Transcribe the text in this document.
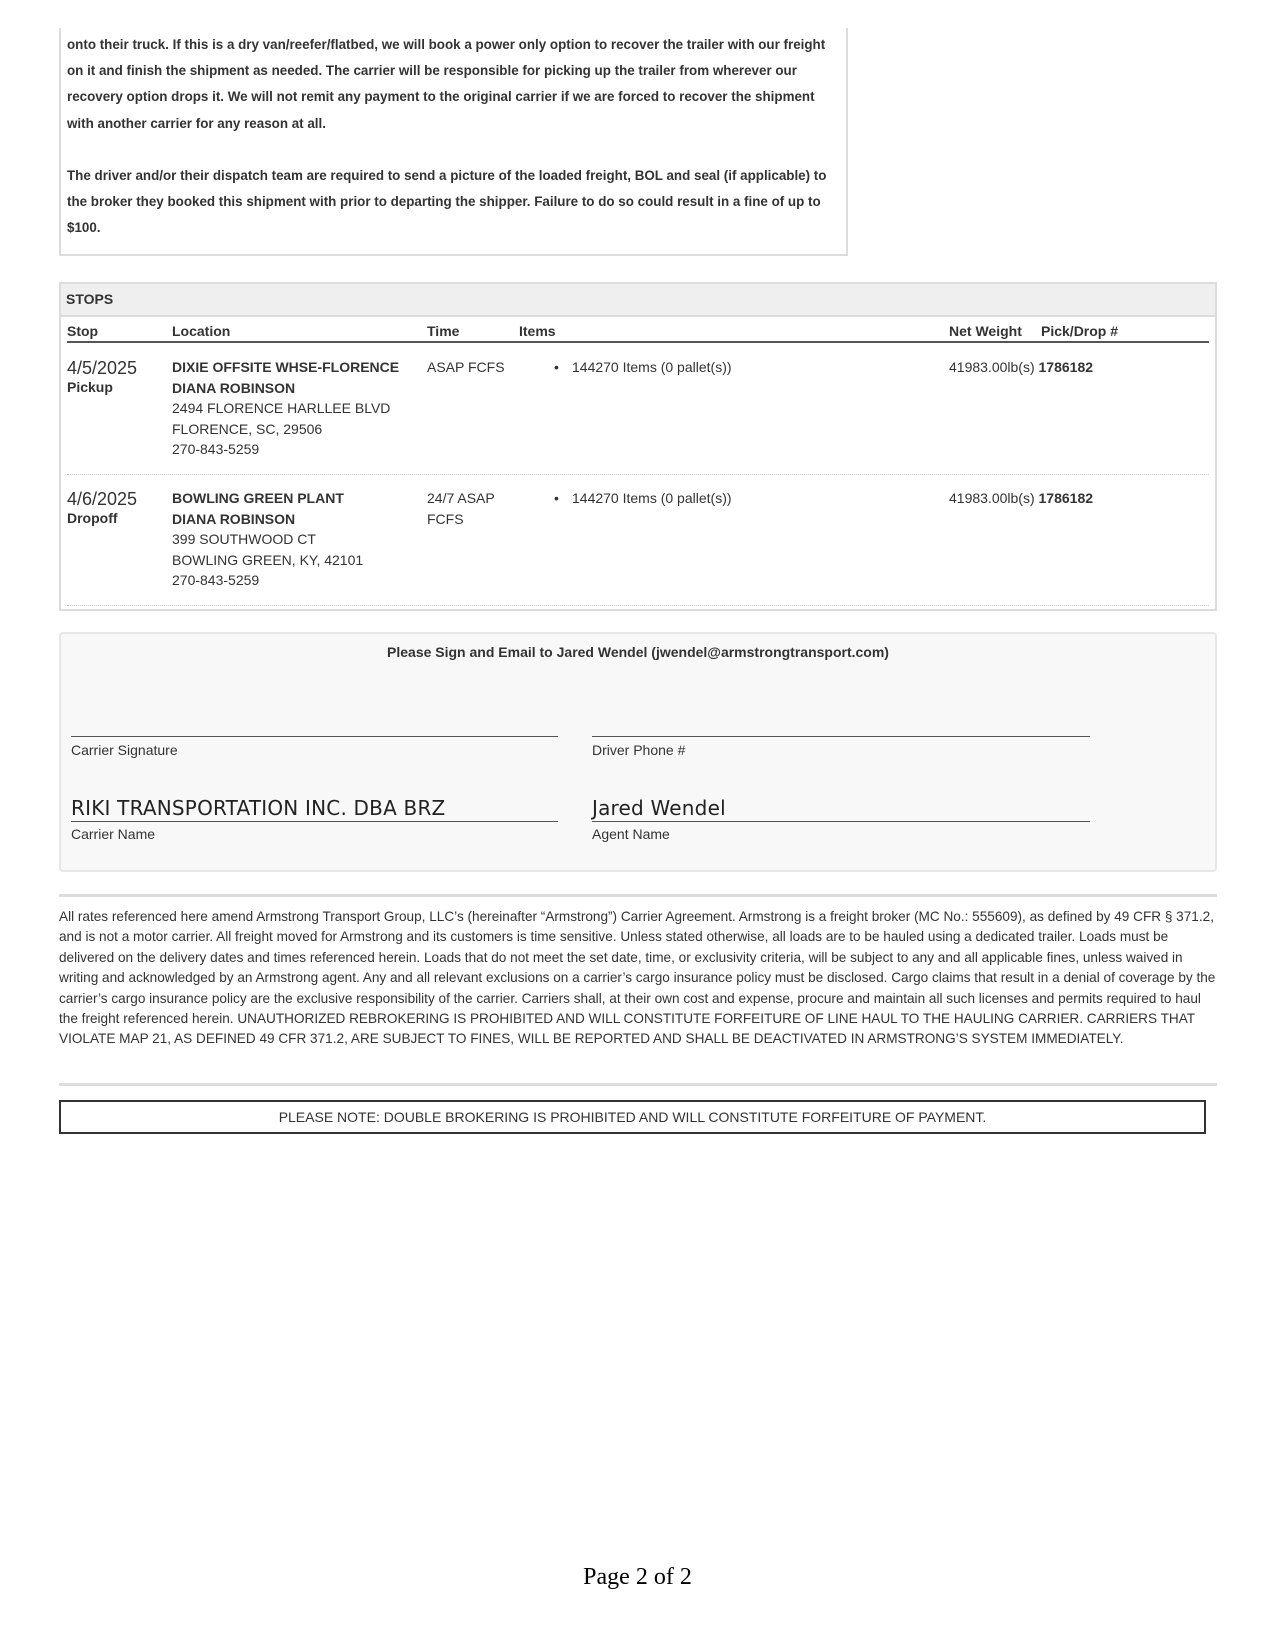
onto their truck. If this is a dry van/reefer/flatbed, we will book a power only option to recover the trailer with our freight on it and finish the shipment as needed. The carrier will be responsible for picking up the trailer from wherever our recovery option drops it. We will not remit any payment to the original carrier if we are forced to recover the shipment with another carrier for any reason at all.

The driver and/or their dispatch team are required to send a picture of the loaded freight, BOL and seal (if applicable) to the broker they booked this shipment with prior to departing the shipper. Failure to do so could result in a fine of up to $100.

STOPS
Stop	Location	Time	Items	Net Weight Pick/Drop #
4/5/2025
Pickup
DIXIE OFFSITE WHSE-FLORENCE
DIANA ROBINSON
2494 FLORENCE HARLLEE BLVD
FLORENCE, SC, 29506
270-843-5259
ASAP FCFS
•	144270 Items (0 pallet(s))	41983.00lb(s) 1786182
4/6/2025
Dropoff
BOWLING GREEN PLANT
DIANA ROBINSON
399 SOUTHWOOD CT
BOWLING GREEN, KY, 42101
270-843-5259
24/7 ASAP
FCFS
• 144270 Items (0 pallet(s))	41983.00lb(s) 1786182
Please Sign and Email to Jared Wendel (jwendel@armstrongtransport.com)
Carrier Signature	Driver Phone #
RIKI TRANSPORTATION INC. DBA BRZ
Carrier Name
Jared Wendel
Agent Name
All rates referenced here amend Armstrong Transport Group, LLC’s (hereinafter “Armstrong”) Carrier Agreement. Armstrong is a freight broker (MC No.: 555609), as defined by 49 CFR § 371.2, and is not a motor carrier. All freight moved for Armstrong and its customers is time sensitive. Unless stated otherwise, all loads are to be hauled using a dedicated trailer. Loads must be delivered on the delivery dates and times referenced herein. Loads that do not meet the set date, time, or exclusivity criteria, will be subject to any and all applicable fines, unless waived in writing and acknowledged by an Armstrong agent. Any and all relevant exclusions on a carrier’s cargo insurance policy must be disclosed. Cargo claims that result in a denial of coverage by the carrier’s cargo insurance policy are the exclusive responsibility of the carrier. Carriers shall, at their own cost and expense, procure and maintain all such licenses and permits required to haul the freight referenced herein. UNAUTHORIZED REBROKERING IS PROHIBITED AND WILL CONSTITUTE FORFEITURE OF LINE HAUL TO THE HAULING CARRIER. CARRIERS THAT VIOLATE MAP 21, AS DEFINED 49 CFR 371.2, ARE SUBJECT TO FINES, WILL BE REPORTED AND SHALL BE DEACTIVATED IN ARMSTRONG’S SYSTEM IMMEDIATELY.
PLEASE NOTE: DOUBLE BROKERING IS PROHIBITED AND WILL CONSTITUTE FORFEITURE OF PAYMENT.
Page 2 of 2
